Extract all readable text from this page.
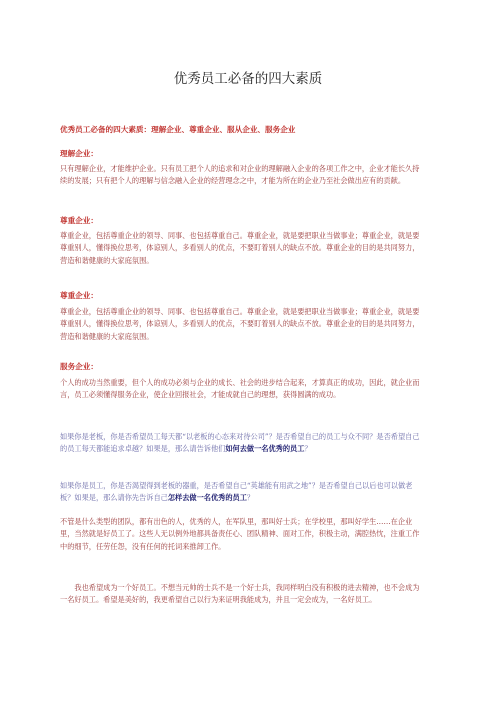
优秀员工必备的四大素质
优秀员工必备的四大素质：理解企业、尊重企业、服从企业、服务企业
理解企业：
只有理解企业，才能维护企业。只有员工把个人的追求和对企业的理解融入企业的各项工作之中，企业才能长久持续的发展；只有把个人的理解与信念融入企业的经营理念之中，才能为所在的企业乃至社会做出应有的贡献。
尊重企业：
尊重企业，包括尊重企业的领导、同事、也包括尊重自己。尊重企业，就是要把职业当做事业；尊重企业，就是要尊重别人，懂得换位思考，体谅别人，多看别人的优点，不要盯着别人的缺点不放。尊重企业的目的是共同努力，营造和谐健康的大家庭氛围。
尊重企业：
尊重企业，包括尊重企业的领导、同事、也包括尊重自己。尊重企业，就是要把职业当做事业；尊重企业，就是要尊重别人，懂得换位思考，体谅别人，多看别人的优点，不要盯着别人的缺点不放。尊重企业的目的是共同努力，营造和谐健康的大家庭氛围。
服务企业：
个人的成功当然重要，但个人的成功必须与企业的成长、社会的进步结合起来，才算真正的成功，因此，就企业而言，员工必须懂得服务企业，使企业回报社会，才能成就自己的理想，获得圆满的成功。
如果你是老板，你是否希望员工每天都“以老板的心态来对待公司”？是否希望自己的员工与众不同？是否希望自己的员工每天都能追求卓越？如果是，那么请告诉他们如何去做一名优秀的员工？
如果你是员工，你是否渴望得到老板的器重，是否希望自己“英雄能有用武之地”？是否希望自己以后也可以做老板？如果是，那么请你先告诉自己怎样去做一名优秀的员工？
不管是什么类型的团队，都有出色的人，优秀的人，在军队里，那叫好士兵；在学校里，那叫好学生……在企业里，当然就是好员工了。这些人无以例外地都具备责任心、团队精神、面对工作，积极主动，满腔热忱，注重工作中的细节，任劳任怨，没有任何的托词来推卸工作。
我也希望成为一个好员工。不想当元帅的士兵不是一个好士兵，我同样明白没有积极的进去精神，也不会成为一名好员工。希望是美好的，我更希望自己以行为来证明我能成为，并且一定会成为，一名好员工。
